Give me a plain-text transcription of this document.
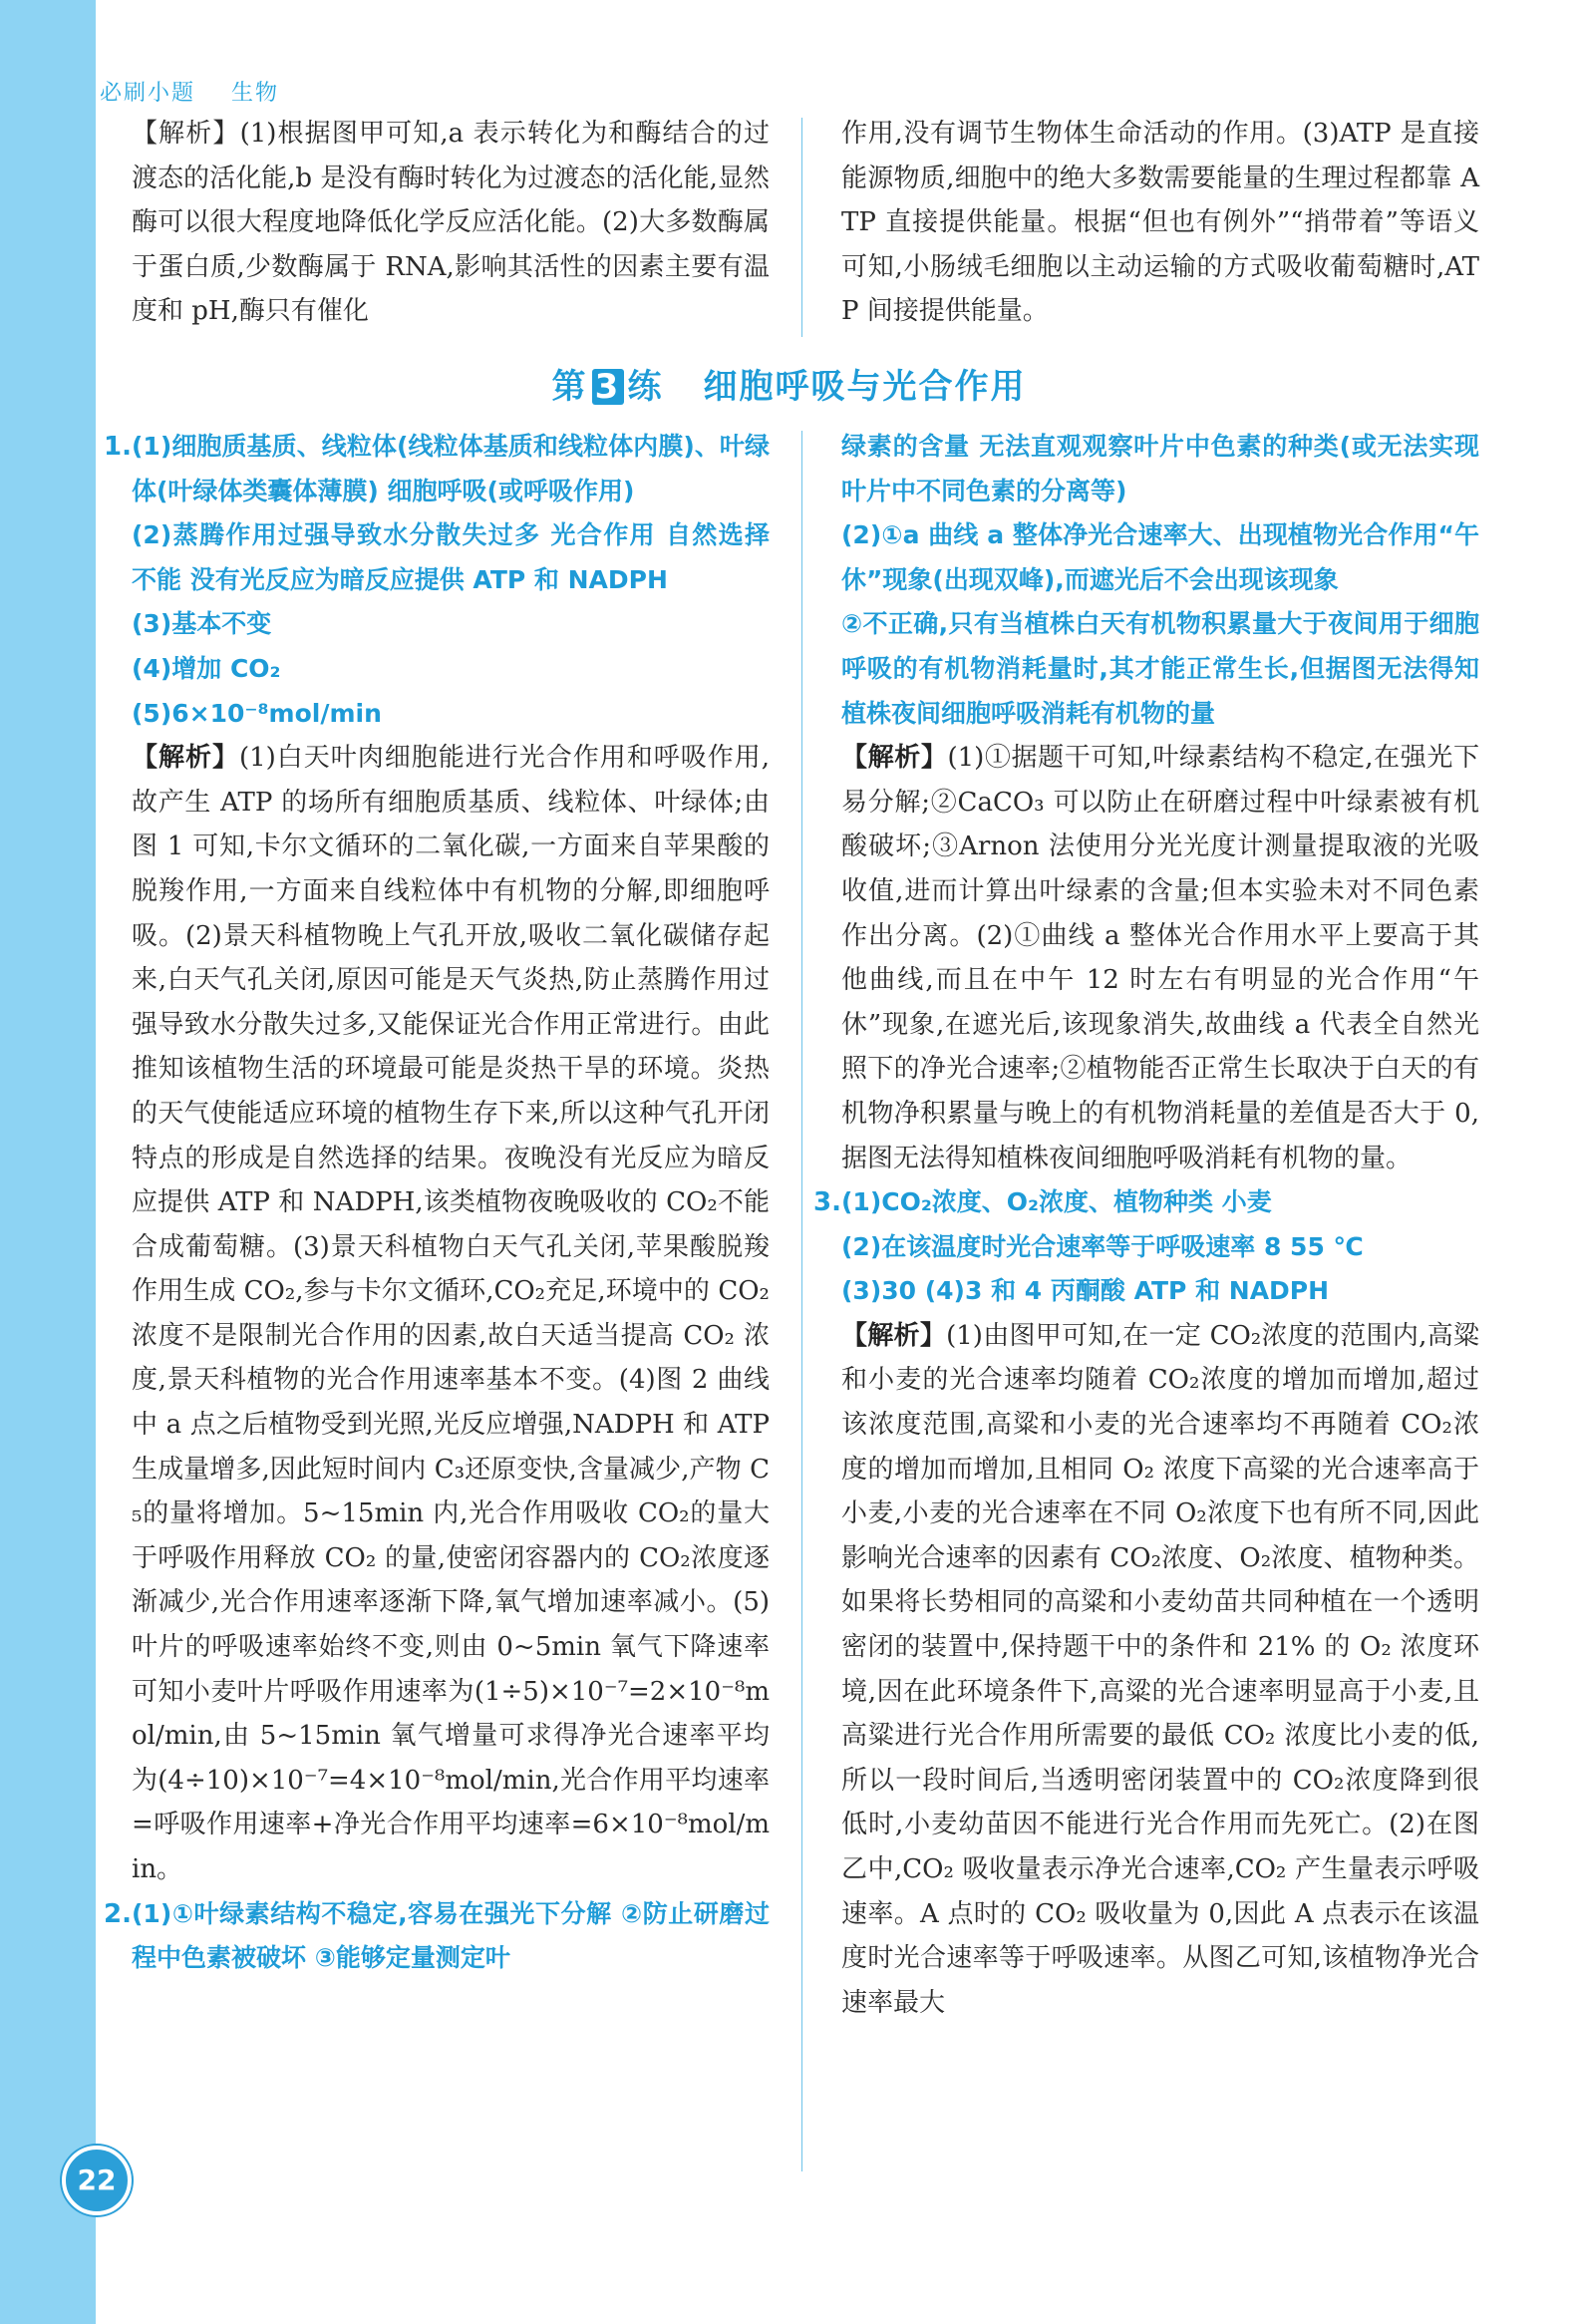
必刷小题 生物

【解析】(1)根据图甲可知,a 表示转化为和酶结合的过渡态的活化能,b 是没有酶时转化为过渡态的活化能,显然酶可以很大程度地降低化学反应活化能。(2)大多数酶属于蛋白质,少数酶属于 RNA,影响其活性的因素主要有温度和 pH,酶只有催化

作用,没有调节生物体生命活动的作用。(3)ATP 是直接能源物质,细胞中的绝大多数需要能量的生理过程都靠 ATP 直接提供能量。根据“但也有例外”“捎带着”等语义可知,小肠绒毛细胞以主动运输的方式吸收葡萄糖时,ATP 间接提供能量。

第 3 练 细胞呼吸与光合作用

1.(1)细胞质基质、线粒体(线粒体基质和线粒体内膜)、叶绿体(叶绿体类囊体薄膜) 细胞呼吸(或呼吸作用)

(2)蒸腾作用过强导致水分散失过多 光合作用 自然选择 不能 没有光反应为暗反应提供 ATP 和 NADPH

(3)基本不变

(4)增加 CO₂

(5)6×10⁻⁸mol/min

【解析】(1)白天叶肉细胞能进行光合作用和呼吸作用,故产生 ATP 的场所有细胞质基质、线粒体、叶绿体;由图 1 可知,卡尔文循环的二氧化碳,一方面来自苹果酸的脱羧作用,一方面来自线粒体中有机物的分解,即细胞呼吸。(2)景天科植物晚上气孔开放,吸收二氧化碳储存起来,白天气孔关闭,原因可能是天气炎热,防止蒸腾作用过强导致水分散失过多,又能保证光合作用正常进行。由此推知该植物生活的环境最可能是炎热干旱的环境。炎热的天气使能适应环境的植物生存下来,所以这种气孔开闭特点的形成是自然选择的结果。夜晚没有光反应为暗反应提供 ATP 和 NADPH,该类植物夜晚吸收的 CO₂不能合成葡萄糖。(3)景天科植物白天气孔关闭,苹果酸脱羧作用生成 CO₂,参与卡尔文循环,CO₂充足,环境中的 CO₂ 浓度不是限制光合作用的因素,故白天适当提高 CO₂ 浓度,景天科植物的光合作用速率基本不变。(4)图 2 曲线中 a 点之后植物受到光照,光反应增强,NADPH 和 ATP 生成量增多,因此短时间内 C₃还原变快,含量减少,产物 C₅的量将增加。5~15min 内,光合作用吸收 CO₂的量大于呼吸作用释放 CO₂ 的量,使密闭容器内的 CO₂浓度逐渐减少,光合作用速率逐渐下降,氧气增加速率减小。(5)叶片的呼吸速率始终不变,则由 0~5min 氧气下降速率可知小麦叶片呼吸作用速率为(1÷5)×10⁻⁷=2×10⁻⁸mol/min,由 5~15min 氧气增量可求得净光合速率平均为(4÷10)×10⁻⁷=4×10⁻⁸mol/min,光合作用平均速率=呼吸作用速率+净光合作用平均速率=6×10⁻⁸mol/min。

2.(1)①叶绿素结构不稳定,容易在强光下分解 ②防止研磨过程中色素被破坏 ③能够定量测定叶

绿素的含量 无法直观观察叶片中色素的种类(或无法实现叶片中不同色素的分离等)

(2)①a 曲线 a 整体净光合速率大、出现植物光合作用“午休”现象(出现双峰),而遮光后不会出现该现象

②不正确,只有当植株白天有机物积累量大于夜间用于细胞呼吸的有机物消耗量时,其才能正常生长,但据图无法得知植株夜间细胞呼吸消耗有机物的量

【解析】(1)①据题干可知,叶绿素结构不稳定,在强光下易分解;②CaCO₃ 可以防止在研磨过程中叶绿素被有机酸破坏;③Arnon 法使用分光光度计测量提取液的光吸收值,进而计算出叶绿素的含量;但本实验未对不同色素作出分离。(2)①曲线 a 整体光合作用水平上要高于其他曲线,而且在中午 12 时左右有明显的光合作用“午休”现象,在遮光后,该现象消失,故曲线 a 代表全自然光照下的净光合速率;②植物能否正常生长取决于白天的有机物净积累量与晚上的有机物消耗量的差值是否大于 0,据图无法得知植株夜间细胞呼吸消耗有机物的量。

3.(1)CO₂浓度、O₂浓度、植物种类 小麦

(2)在该温度时光合速率等于呼吸速率 8 55 ℃

(3)30 (4)3 和 4 丙酮酸 ATP 和 NADPH

【解析】(1)由图甲可知,在一定 CO₂浓度的范围内,高粱和小麦的光合速率均随着 CO₂浓度的增加而增加,超过该浓度范围,高粱和小麦的光合速率均不再随着 CO₂浓度的增加而增加,且相同 O₂ 浓度下高粱的光合速率高于小麦,小麦的光合速率在不同 O₂浓度下也有所不同,因此影响光合速率的因素有 CO₂浓度、O₂浓度、植物种类。如果将长势相同的高粱和小麦幼苗共同种植在一个透明密闭的装置中,保持题干中的条件和 21% 的 O₂ 浓度环境,因在此环境条件下,高粱的光合速率明显高于小麦,且高粱进行光合作用所需要的最低 CO₂ 浓度比小麦的低,所以一段时间后,当透明密闭装置中的 CO₂浓度降到很低时,小麦幼苗因不能进行光合作用而先死亡。(2)在图乙中,CO₂ 吸收量表示净光合速率,CO₂ 产生量表示呼吸速率。A 点时的 CO₂ 吸收量为 0,因此 A 点表示在该温度时光合速率等于呼吸速率。从图乙可知,该植物净光合速率最大

22
